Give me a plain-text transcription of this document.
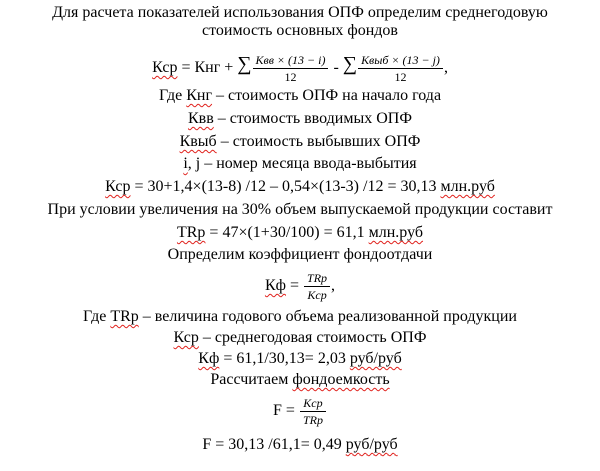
Для расчета показателей использования ОПФ определим среднегодовую
стоимость основных фондов
Кср = Кнг + ∑ $\frac{\text{Квв × (13 − i)}}{12}$ - ∑ $\frac{\text{Квыб × (13 − j)}}{12}$ ,
Где Кнг – стоимость ОПФ на начало года
Квв – стоимость вводимых ОПФ
Квыб – стоимость выбывших ОПФ
i, j – номер месяца ввода-выбытия
Кср = 30+1,4×(13-8) /12 – 0,54×(13-3) /12 = 30,13 млн.руб
При условии увеличения на 30% объем выпускаемой продукции составит
ТRр = 47×(1+30/100) = 61,1 млн.руб
Определим коэффициент фондоотдачи
Кф = $\frac{\text{TRp}}{\text{Kcp}}$ ,
Где TRр – величина годового объема реализованной продукции
Кср – среднегодовая стоимость ОПФ
Кф = 61,1/30,13= 2,03 руб/руб
Рассчитаем фондоемкость
$F = \frac{\text{Kcp}}{\text{TRp}}$
F = 30,13 /61,1= 0,49 руб/руб
